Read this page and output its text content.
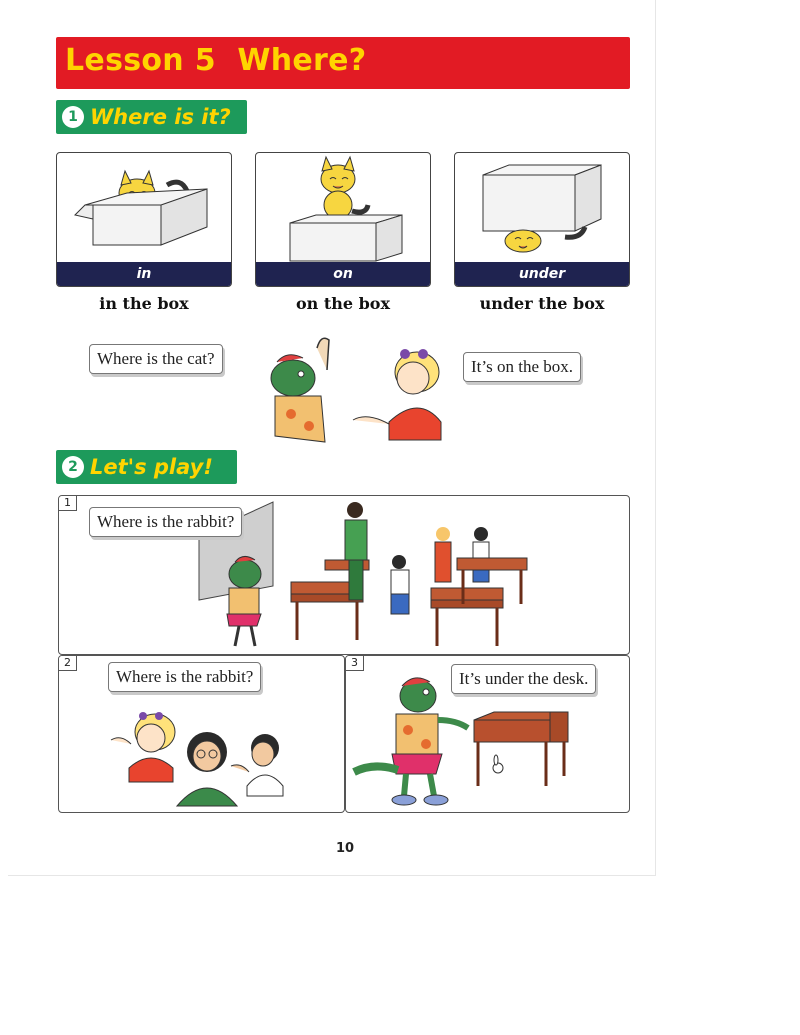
Lesson 5  Where?
1 Where is it?
in
in the box
on
on the box
under
under the box
Where is the cat?	It’s on the box.
2 Let's play!
1
Where is the rabbit?
2
Where is the rabbit?
3
It’s under the desk.
10
